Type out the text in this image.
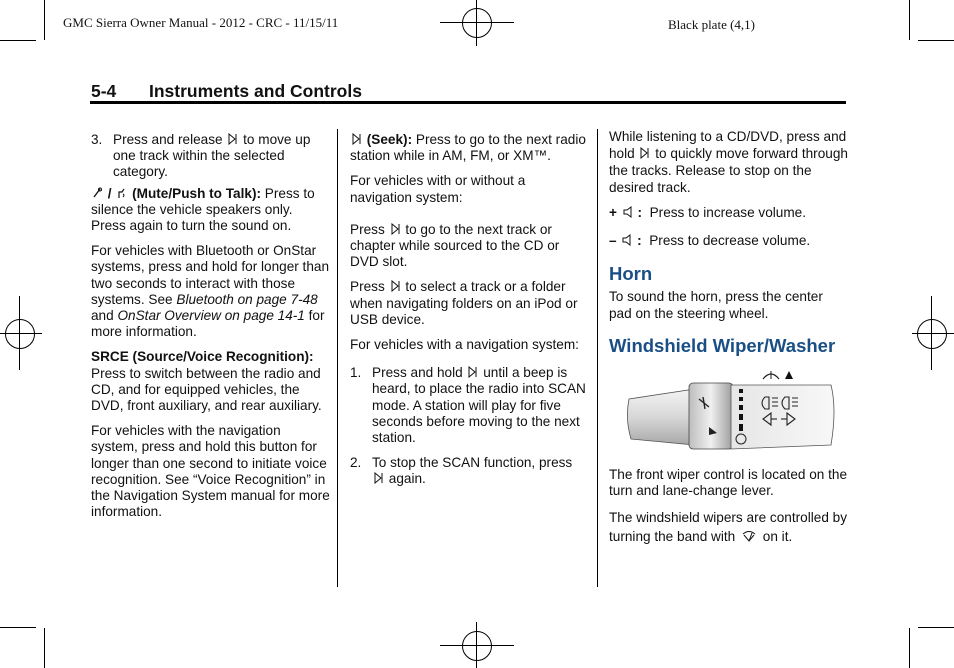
GMC Sierra Owner Manual - 2012 - CRC - 11/15/11	Black plate (4,1)
5-4 Instruments and Controls
3. Press and release to move up one track within the selected category.

/ (Mute/Push to Talk): Press to silence the vehicle speakers only. Press again to turn the sound on.

For vehicles with Bluetooth or OnStar systems, press and hold for longer than two seconds to interact with those systems. See Bluetooth on page 7-48 and OnStar Overview on page 14-1 for more information.

SRCE (Source/Voice Recognition): Press to switch between the radio and CD, and for equipped vehicles, the DVD, front auxiliary, and rear auxiliary.

For vehicles with the navigation system, press and hold this button for longer than one second to initiate voice recognition. See “Voice Recognition” in the Navigation System manual for more information.

(Seek): Press to go to the next radio station while in AM, FM, or XM™.

For vehicles with or without a navigation system:

Press to go to the next track or chapter while sourced to the CD or DVD slot.

Press to select a track or a folder when navigating folders on an iPod or USB device.

For vehicles with a navigation system:

1. Press and hold until a beep is heard, to place the radio into SCAN mode. A station will play for five seconds before moving to the next station.
2. To stop the SCAN function, press  again.

While listening to a CD/DVD, press and hold to quickly move forward through the tracks. Release to stop on the desired track.

+ : Press to increase volume.

– : Press to decrease volume.

Horn

To sound the horn, press the center pad on the steering wheel.

Windshield Wiper/Washer

The front wiper control is located on the turn and lane-change lever.

The windshield wipers are controlled by turning the band with on it.
